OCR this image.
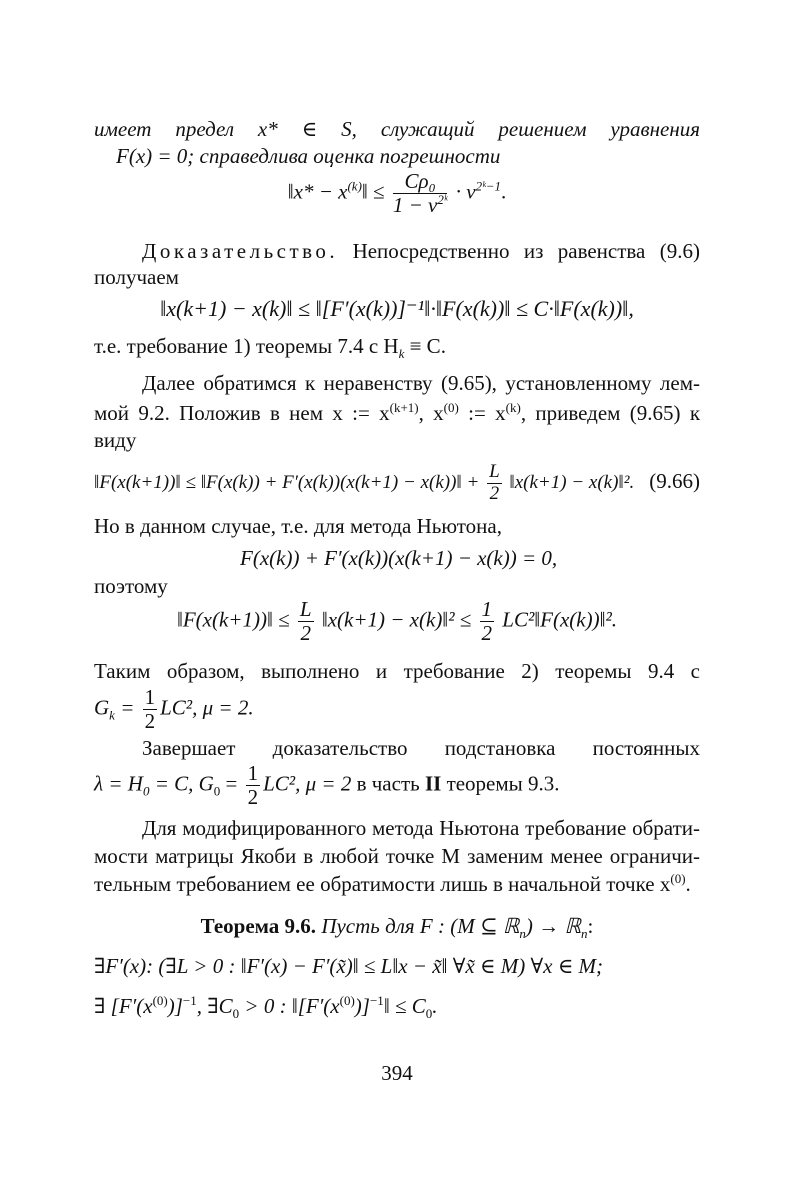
имеет предел x* ∈ S, служащий решением уравнения
F(x) = 0; справедлива оценка погрешности
‖x* − $x^{(k)}‖ \le \frac{\text{Cρ₀}}{1 - \nu^{2ᵏ}} \cdot \nu^{2ᵏ-1}$.
Доказательство. Непосредственно из равенства (9.6)
получаем
‖x(k+1) − x(k)‖ ≤ ‖[F′(x(k))]⁻¹‖·‖F(x(k))‖ ≤ C·‖F(x(k))‖,
т.е. требование 1) теоремы 7.4 с $H_k \equiv C$.
Далее обратимся к неравенству (9.65), установленному лем-
мой 9.2. Положив в нем x := $x^{(k+1)}$, $x^{(0)}$ := $x^{(k)}$, приведем (9.65) к
виду
‖F(x(k+1))‖ ≤ ‖F(x(k)) + F′(x(k))(x(k+1) − x(k))‖ + $\frac{L}{2}$ ‖x(k+1) − x(k)‖². (9.66)
Но в данном случае, т.е. для метода Ньютона,
F(x(k)) + F′(x(k))(x(k+1) − x(k)) = 0,
поэтому
‖F(x(k+1))‖ ≤ $\frac{L}{2}$ ‖x(k+1) − x(k)‖² ≤ $\frac{1}{2}$ LC²‖F(x(k))‖².
Таким образом, выполнено и требование 2) теоремы 9.4 с
$G_k = \frac{1}{2} LC^2$, μ = 2.
Завершает доказательство подстановка постоянных
$\lambda = H_0 = C$, $G_0 = \frac{1}{2} LC^2$, μ = 2 в часть II теоремы 9.3.
Для модифицированного метода Ньютона требование обрати-
мости матрицы Якоби в любой точке M заменим менее ограничи-
тельным требованием ее обратимости лишь в начальной точке $x^{(0)}$.
Теорема 9.6. Пусть для F : (M ⊆ ℝ$_n$) → ℝ$_n$:
∃F′(x): (∃L > 0 : ‖F′(x) − F′(x̃)‖ ≤ L‖x − x̃‖ ∀x̃ ∈ M) ∀x ∈ M;
∃ $[F'(x^{(0)})]^{-1}$, $\exists C_0 > 0$ : $‖[F'(x^{(0)})]^{-1}‖ \le C_0$.
394
